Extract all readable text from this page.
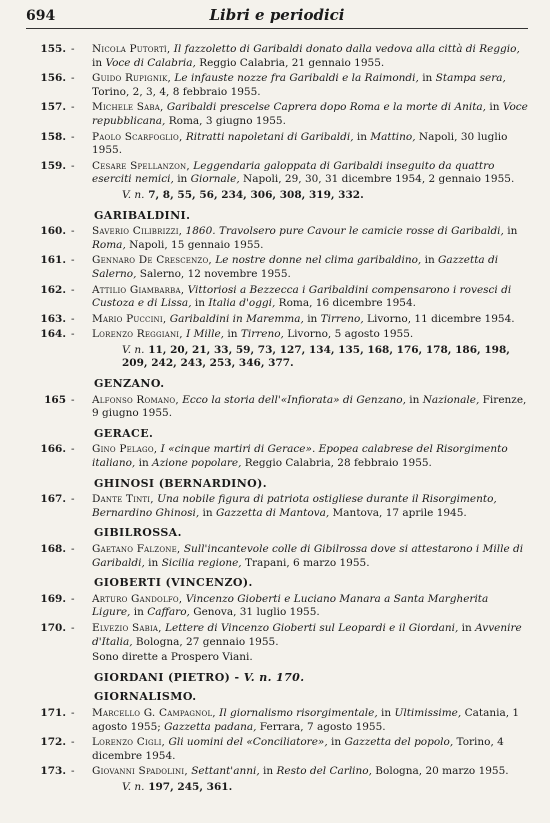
694	Libri e periodici
155. - Nicola Putortì, Il fazzoletto di Garibaldi donato dalla vedova alla città di Reggio, in Voce di Calabria, Reggio Calabria, 21 gennaio 1955.
156. - Guido Rupignik, Le infauste nozze fra Garibaldi e la Raimondi, in Stampa sera, Torino, 2, 3, 4, 8 febbraio 1955.
157. - Michele Saba, Garibaldi prescelse Caprera dopo Roma e la morte di Anita, in Voce repubblicana, Roma, 3 giugno 1955.
158. - Paolo Scarfoglio, Ritratti napoletani di Garibaldi, in Mattino, Napoli, 30 luglio 1955.
159. - Cesare Spellanzon, Leggendaria galoppata di Garibaldi inseguito da quattro eserciti nemici, in Giornale, Napoli, 29, 30, 31 dicembre 1954, 2 gennaio 1955.
V. n. 7, 8, 55, 56, 234, 306, 308, 319, 332.
GARIBALDINI.
160. - Saverio Cilibrizzi, 1860. Travolsero pure Cavour le camicie rosse di Garibaldi, in Roma, Napoli, 15 gennaio 1955.
161. - Gennaro De Crescenzo, Le nostre donne nel clima garibaldino, in Gazzetta di Salerno, Salerno, 12 novembre 1955.
162. - Attilio Giambarba, Vittoriosi a Bezzecca i Garibaldini compensarono i rovesci di Custoza e di Lissa, in Italia d'oggi, Roma, 16 dicembre 1954.
163. - Mario Puccini, Garibaldini in Maremma, in Tirreno, Livorno, 11 dicembre 1954.
164. - Lorenzo Reggiani, I Mille, in Tirreno, Livorno, 5 agosto 1955.
V. n. 11, 20, 21, 33, 59, 73, 127, 134, 135, 168, 176, 178, 186, 198, 209, 242, 243, 253, 346, 377.
GENZANO.
165 - Alfonso Romano, Ecco la storia dell'«Infiorata» di Genzano, in Nazionale, Firenze, 9 giugno 1955.
GERACE.
166. - Gino Pelago, I «cinque martiri di Gerace». Epopea calabrese del Risorgimento italiano, in Azione popolare, Reggio Calabria, 28 febbraio 1955.
GHINOSI (BERNARDINO).
167. - Dante Tinti, Una nobile figura di patriota ostigliese durante il Risorgimento, Bernardino Ghinosi, in Gazzetta di Mantova, Mantova, 17 aprile 1945.
GIBILROSSA.
168. - Gaetano Falzone, Sull'incantevole colle di Gibilrossa dove si attestarono i Mille di Garibaldi, in Sicilia regione, Trapani, 6 marzo 1955.
GIOBERTI (VINCENZO).
169. - Arturo Gandolfo, Vincenzo Gioberti e Luciano Manara a Santa Margherita Ligure, in Caffaro, Genova, 31 luglio 1955.
170. - Elvezio Sabia, Lettere di Vincenzo Gioberti sul Leopardi e il Giordani, in Avvenire d'Italia, Bologna, 27 gennaio 1955.
Sono dirette a Prospero Viani.
GIORDANI (PIETRO) - V. n. 170.
GIORNALISMO.
171. - Marcello G. Campagnol, Il giornalismo risorgimentale, in Ultimissime, Catania, 1 agosto 1955; Gazzetta padana, Ferrara, 7 agosto 1955.
172. - Lorenzo Cigli, Gli uomini del «Conciliatore», in Gazzetta del popolo, Torino, 4 dicembre 1954.
173. - Giovanni Spadolini, Settant'anni, in Resto del Carlino, Bologna, 20 marzo 1955.
V. n. 197, 245, 361.
